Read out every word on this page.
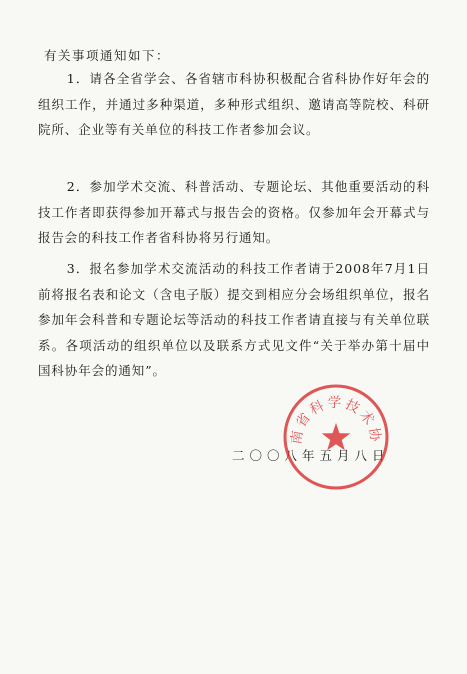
有关事项通知如下：

1．请各全省学会、各省辖市科协积极配合省科协作好年会的组织工作，并通过多种渠道，多种形式组织、邀请高等院校、科研院所、企业等有关单位的科技工作者参加会议。

2．参加学术交流、科普活动、专题论坛、其他重要活动的科技工作者即获得参加开幕式与报告会的资格。仅参加年会开幕式与报告会的科技工作者省科协将另行通知。

3．报名参加学术交流活动的科技工作者请于2008年7月1日前将报名表和论文（含电子版）提交到相应分会场组织单位，报名参加年会科普和专题论坛等活动的科技工作者请直接与有关单位联系。各项活动的组织单位以及联系方式见文件“关于举办第十届中国科协年会的通知”。

二〇〇八年五月八日
南省科学技术协
